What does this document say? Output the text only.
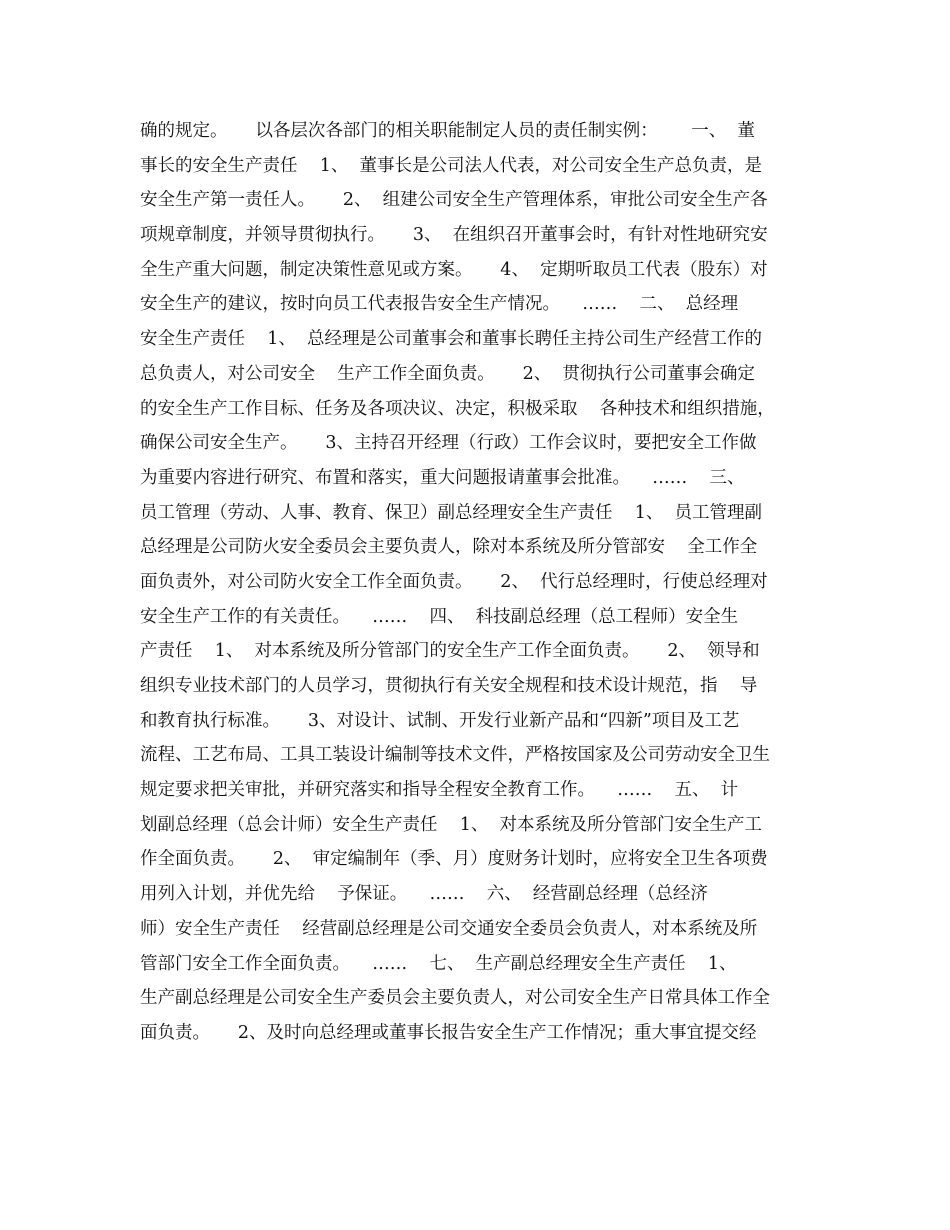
确的规定。     以各层次各部门的相关职能制定人员的责任制实例：      一、  董
事长的安全生产责任    1、  董事长是公司法人代表，对公司安全生产总负责，是
安全生产第一责任人。     2、  组建公司安全生产管理体系，审批公司安全生产各
项规章制度，并领导贯彻执行。     3、  在组织召开董事会时，有针对性地研究安
全生产重大问题，制定决策性意见或方案。     4、  定期听取员工代表（股东）对
安全生产的建议，按时向员工代表报告安全生产情况。    ……    二、  总经理
安全生产责任    1、  总经理是公司董事会和董事长聘任主持公司生产经营工作的
总负责人，对公司安全    生产工作全面负责。     2、  贯彻执行公司董事会确定
的安全生产工作目标、任务及各项决议、决定，积极采取    各种技术和组织措施，
确保公司安全生产。     3、主持召开经理（行政）工作会议时，要把安全工作做
为重要内容进行研究、布置和落实，重大问题报请董事会批准。    ……    三、
员工管理（劳动、人事、教育、保卫）副总经理安全生产责任    1、  员工管理副
总经理是公司防火安全委员会主要负责人，除对本系统及所分管部安    全工作全
面负责外，对公司防火安全工作全面负责。     2、  代行总经理时，行使总经理对
安全生产工作的有关责任。    ……    四、  科技副总经理（总工程师）安全生
产责任    1、  对本系统及所分管部门的安全生产工作全面负责。     2、  领导和
组织专业技术部门的人员学习，贯彻执行有关安全规程和技术设计规范，指    导
和教育执行标准。     3、对设计、试制、开发行业新产品和“四新”项目及工艺
流程、工艺布局、工具工装设计编制等技术文件，严格按国家及公司劳动安全卫生
规定要求把关审批，并研究落实和指导全程安全教育工作。    ……    五、  计
划副总经理（总会计师）安全生产责任    1、  对本系统及所分管部门安全生产工
作全面负责。     2、  审定编制年（季、月）度财务计划时，应将安全卫生各项费
用列入计划，并优先给    予保证。    ……    六、  经营副总经理（总经济
师）安全生产责任    经营副总经理是公司交通安全委员会负责人，对本系统及所
管部门安全工作全面负责。    ……    七、  生产副总经理安全生产责任    1、
生产副总经理是公司安全生产委员会主要负责人，对公司安全生产日常具体工作全
面负责。     2、及时向总经理或董事长报告安全生产工作情况；重大事宜提交经
